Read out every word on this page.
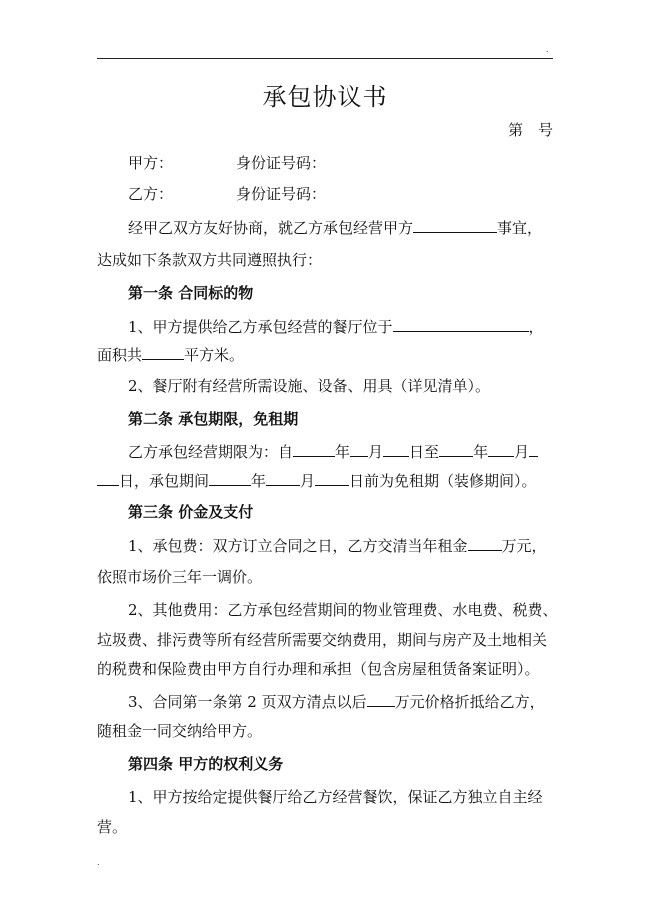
.
承包协议书
第　号
甲方：	身份证号码：
乙方：	身份证号码：
经甲乙双方友好协商，就乙方承包经营甲方	事宜，
达成如下条款双方共同遵照执行：
第一条 合同标的物
1、甲方提供给乙方承包经营的餐厅位于	，
面积共	平方米。
2、餐厅附有经营所需设施、设备、用具（详见清单）。
第二条 承包期限，免租期
乙方承包经营期限为：自	年 月 日至 年 月
日，承包期间	年 月 日前为免租期（装修期间）。
第三条 价金及支付
1、承包费：双方订立合同之日，乙方交清当年租金 万元，
依照市场价三年一调价。
2、其他费用：乙方承包经营期间的物业管理费、水电费、税费、
垃圾费、排污费等所有经营所需要交纳费用，期间与房产及土地相关
的税费和保险费由甲方自行办理和承担（包含房屋租赁备案证明）。
3、合同第一条第 2 页双方清点以后 万元价格折抵给乙方，
随租金一同交纳给甲方。
第四条 甲方的权利义务
1、甲方按给定提供餐厅给乙方经营餐饮，保证乙方独立自主经
营。
.
